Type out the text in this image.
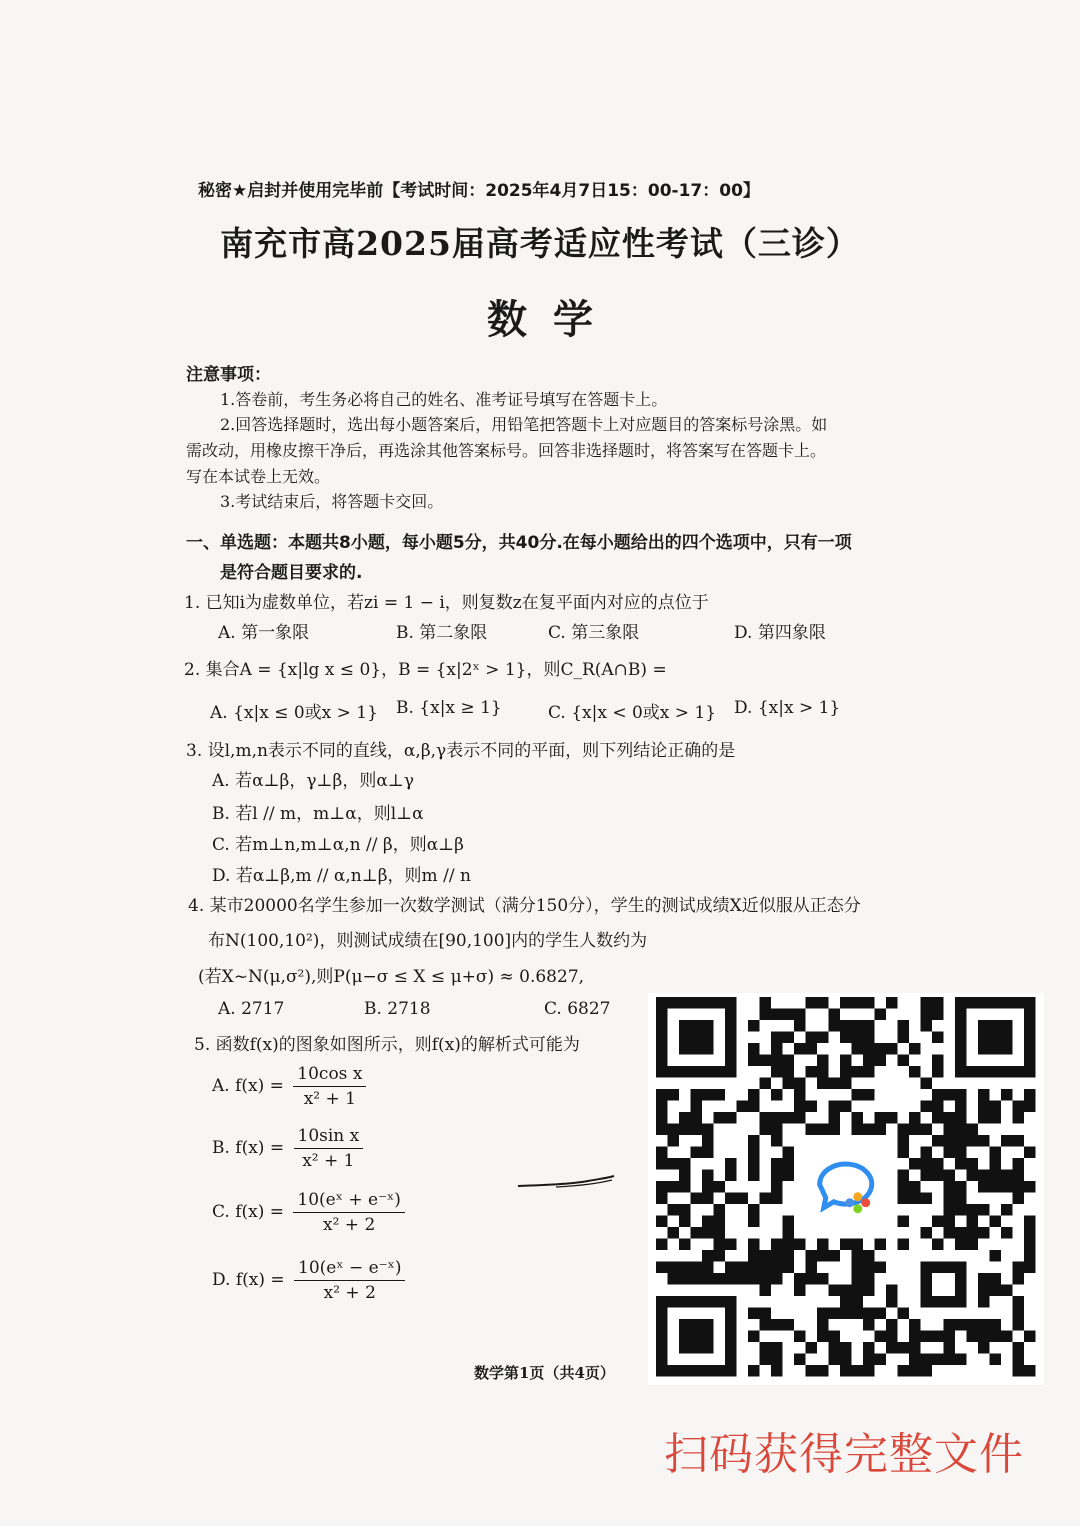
秘密★启封并使用完毕前【考试时间：2025年4月7日15：00-17：00】
南充市高2025届高考适应性考试（三诊）
数学
注意事项：
1.答卷前，考生务必将自己的姓名、准考证号填写在答题卡上。
2.回答选择题时，选出每小题答案后，用铅笔把答题卡上对应题目的答案标号涂黑。如
需改动，用橡皮擦干净后，再选涂其他答案标号。回答非选择题时，将答案写在答题卡上。
写在本试卷上无效。
3.考试结束后，将答题卡交回。
一、单选题：本题共8小题，每小题5分，共40分.在每小题给出的四个选项中，只有一项
是符合题目要求的.
1. 已知i为虚数单位，若zi = 1 − i，则复数z在复平面内对应的点位于
A. 第一象限	B. 第二象限	C. 第三象限	D. 第四象限
2. 集合A = {x|lg x ≤ 0}，B = {x|2ˣ > 1}，则C_R(A∩B) =
A. {x|x ≤ 0或x > 1} B. {x|x ≥ 1}	C. {x|x < 0或x > 1} D. {x|x > 1}
3. 设l,m,n表示不同的直线，α,β,γ表示不同的平面，则下列结论正确的是
A. 若α⊥β，γ⊥β，则α⊥γ
B. 若l // m，m⊥α，则l⊥α
C. 若m⊥n,m⊥α,n // β，则α⊥β
D. 若α⊥β,m // α,n⊥β，则m // n
4. 某市20000名学生参加一次数学测试（满分150分），学生的测试成绩X近似服从正态分
布N(100,10²)，则测试成绩在[90,100]内的学生人数约为
(若X~N(μ,σ²),则P(μ−σ ≤ X ≤ μ+σ) ≈ 0.6827,
A. 2717	B. 2718	C. 6827
5. 函数f(x)的图象如图所示，则f(x)的解析式可能为
A. $f(x) = \frac{\text{10cos x}}{\text{x² + 1}}$
B. $f(x) = \frac{\text{10sin x}}{\text{x² + 1}}$
C. $f(x) = \frac{\text{10(eˣ + e⁻ˣ)}}{\text{x² + 2}}$
D. $f(x) = \frac{\text{10(eˣ − e⁻ˣ)}}{\text{x² + 2}}$
数学第1页（共4页）
扫码获得完整文件
